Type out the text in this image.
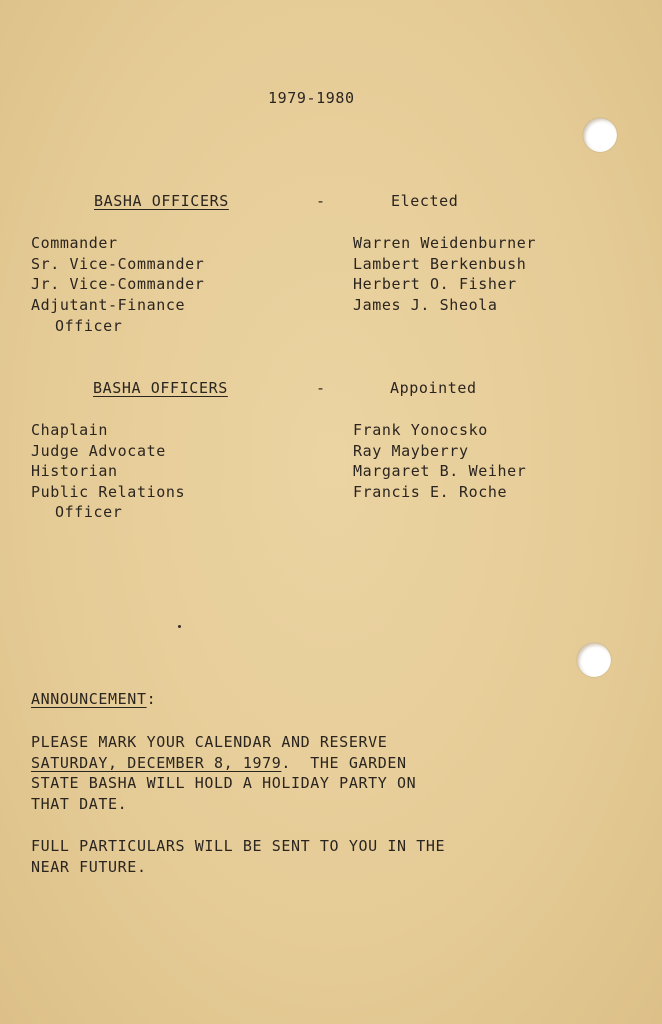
1979-1980
BASHA OFFICERS	-	Elected
Commander	Warren Weidenburner
Sr. Vice-Commander	Lambert Berkenbush
Jr. Vice-Commander	Herbert O. Fisher
Adjutant-Finance	James J. Sheola
Officer
BASHA OFFICERS	-	Appointed
Chaplain	Frank Yonocsko
Judge Advocate	Ray Mayberry
Historian	Margaret B. Weiher
Public Relations	Francis E. Roche
Officer
ANNOUNCEMENT:
PLEASE MARK YOUR CALENDAR AND RESERVE
SATURDAY, DECEMBER 8, 1979.  THE GARDEN
STATE BASHA WILL HOLD A HOLIDAY PARTY ON
THAT DATE.
FULL PARTICULARS WILL BE SENT TO YOU IN THE
NEAR FUTURE.
